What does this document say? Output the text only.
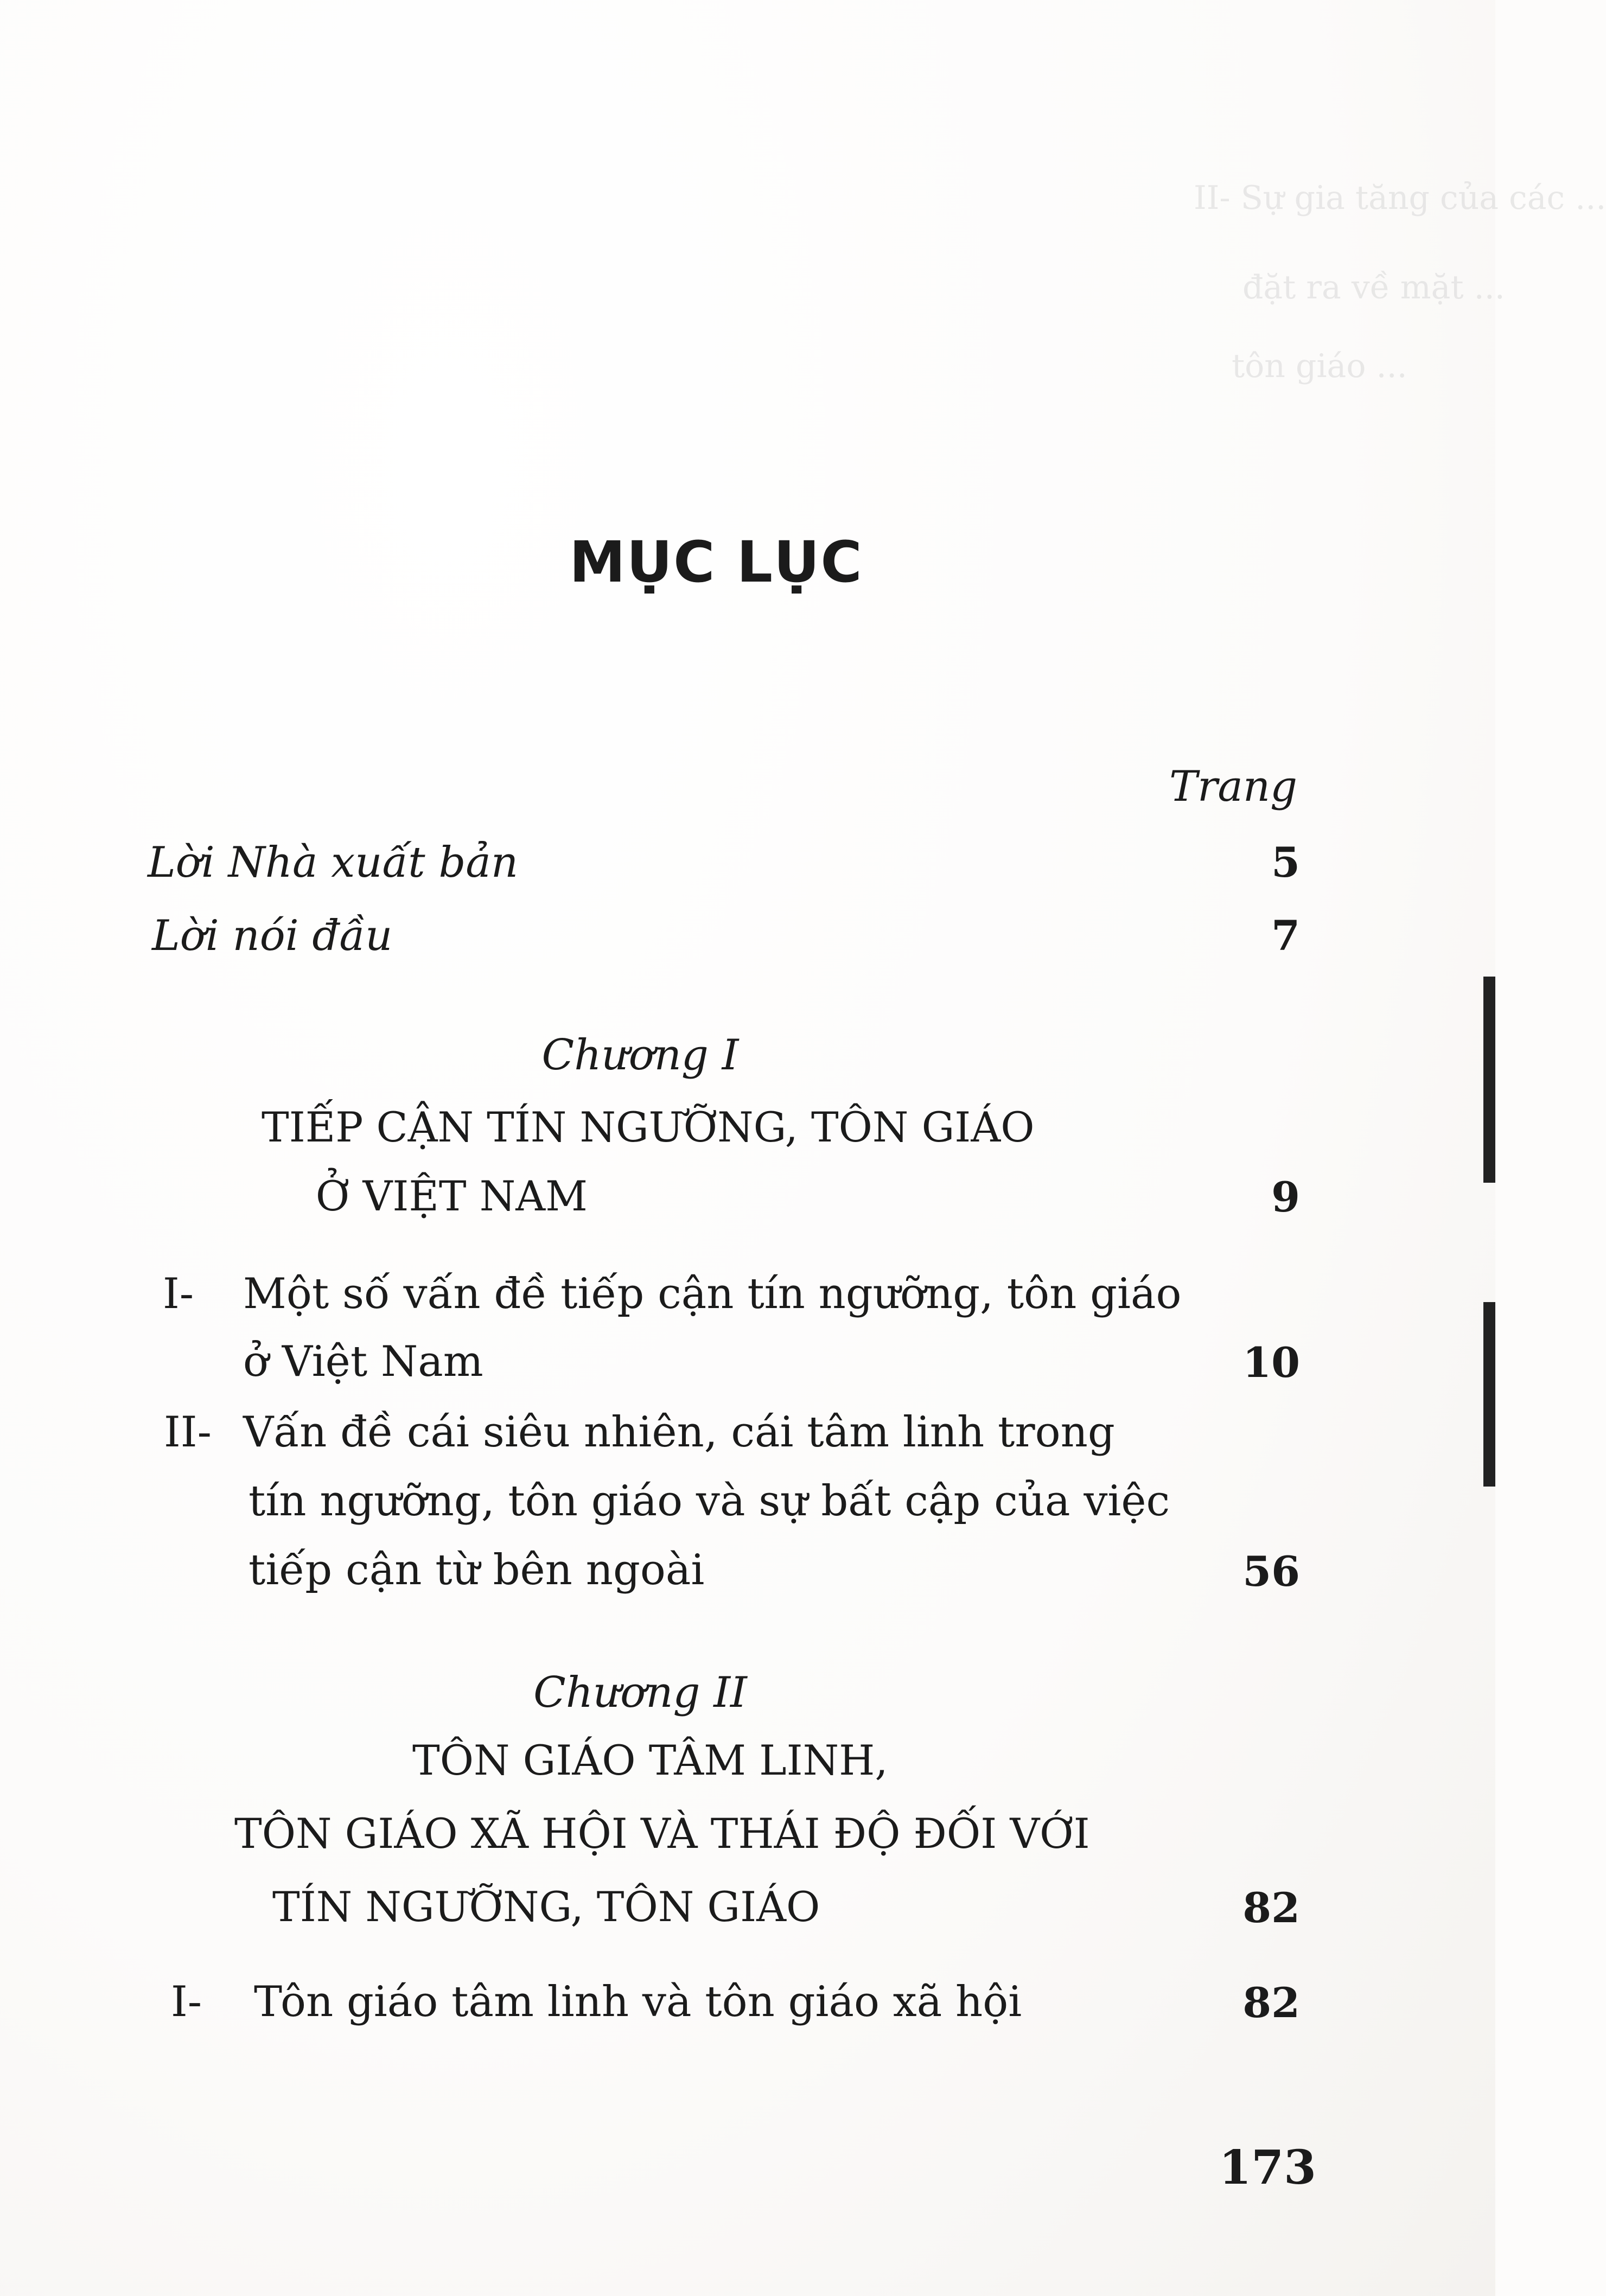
II- Sự gia tăng của các ...
đặt ra về mặt ...
tôn giáo ...
MỤC LỤC
Trang
Lời Nhà xuất bản	5
Lời nói đầu	7
Chương I
TIẾP CẬN TÍN NGƯỠNG, TÔN GIÁO
Ở VIỆT NAM	9
I- Một số vấn đề tiếp cận tín ngưỡng, tôn giáo
ở Việt Nam	10
II- Vấn đề cái siêu nhiên, cái tâm linh trong
tín ngưỡng, tôn giáo và sự bất cập của việc
tiếp cận từ bên ngoài	56
Chương II
TÔN GIÁO TÂM LINH,
TÔN GIÁO XÃ HỘI VÀ THÁI ĐỘ ĐỐI VỚI
TÍN NGƯỠNG, TÔN GIÁO	82
I- Tôn giáo tâm linh và tôn giáo xã hội	82
173
